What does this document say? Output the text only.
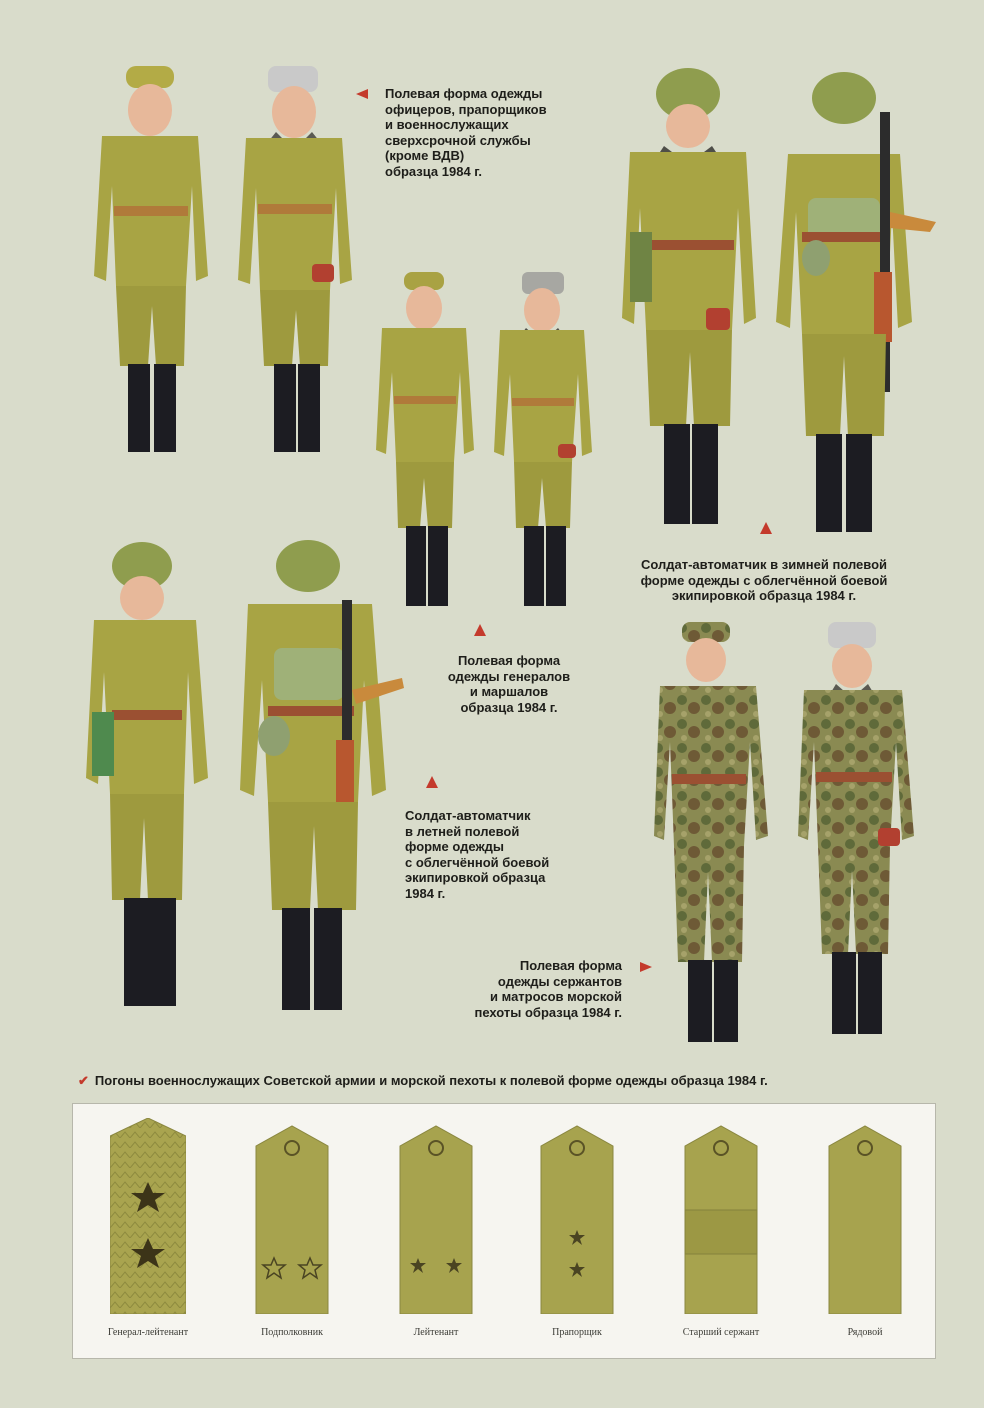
Полевая форма одежды
офицеров, прапорщиков
и военнослужащих
сверхсрочной службы
(кроме ВДВ)
образца 1984 г.
Солдат-автоматчик в зимней полевой
форме одежды с облегчённой боевой
экипировкой образца 1984 г.
Полевая форма
одежды генералов
и маршалов
образца 1984 г.
Солдат-автоматчик
в летней полевой
форме одежды
с облегчённой боевой
экипировкой образца
1984 г.
Полевая форма
одежды сержантов
и матросов морской
пехоты образца 1984 г.
✔ Погоны военнослужащих Советской армии и морской пехоты к полевой форме одежды образца 1984 г.
Генерал-лейтенант	Подполковник	Лейтенант	Прапорщик	Старший сержант	Рядовой
